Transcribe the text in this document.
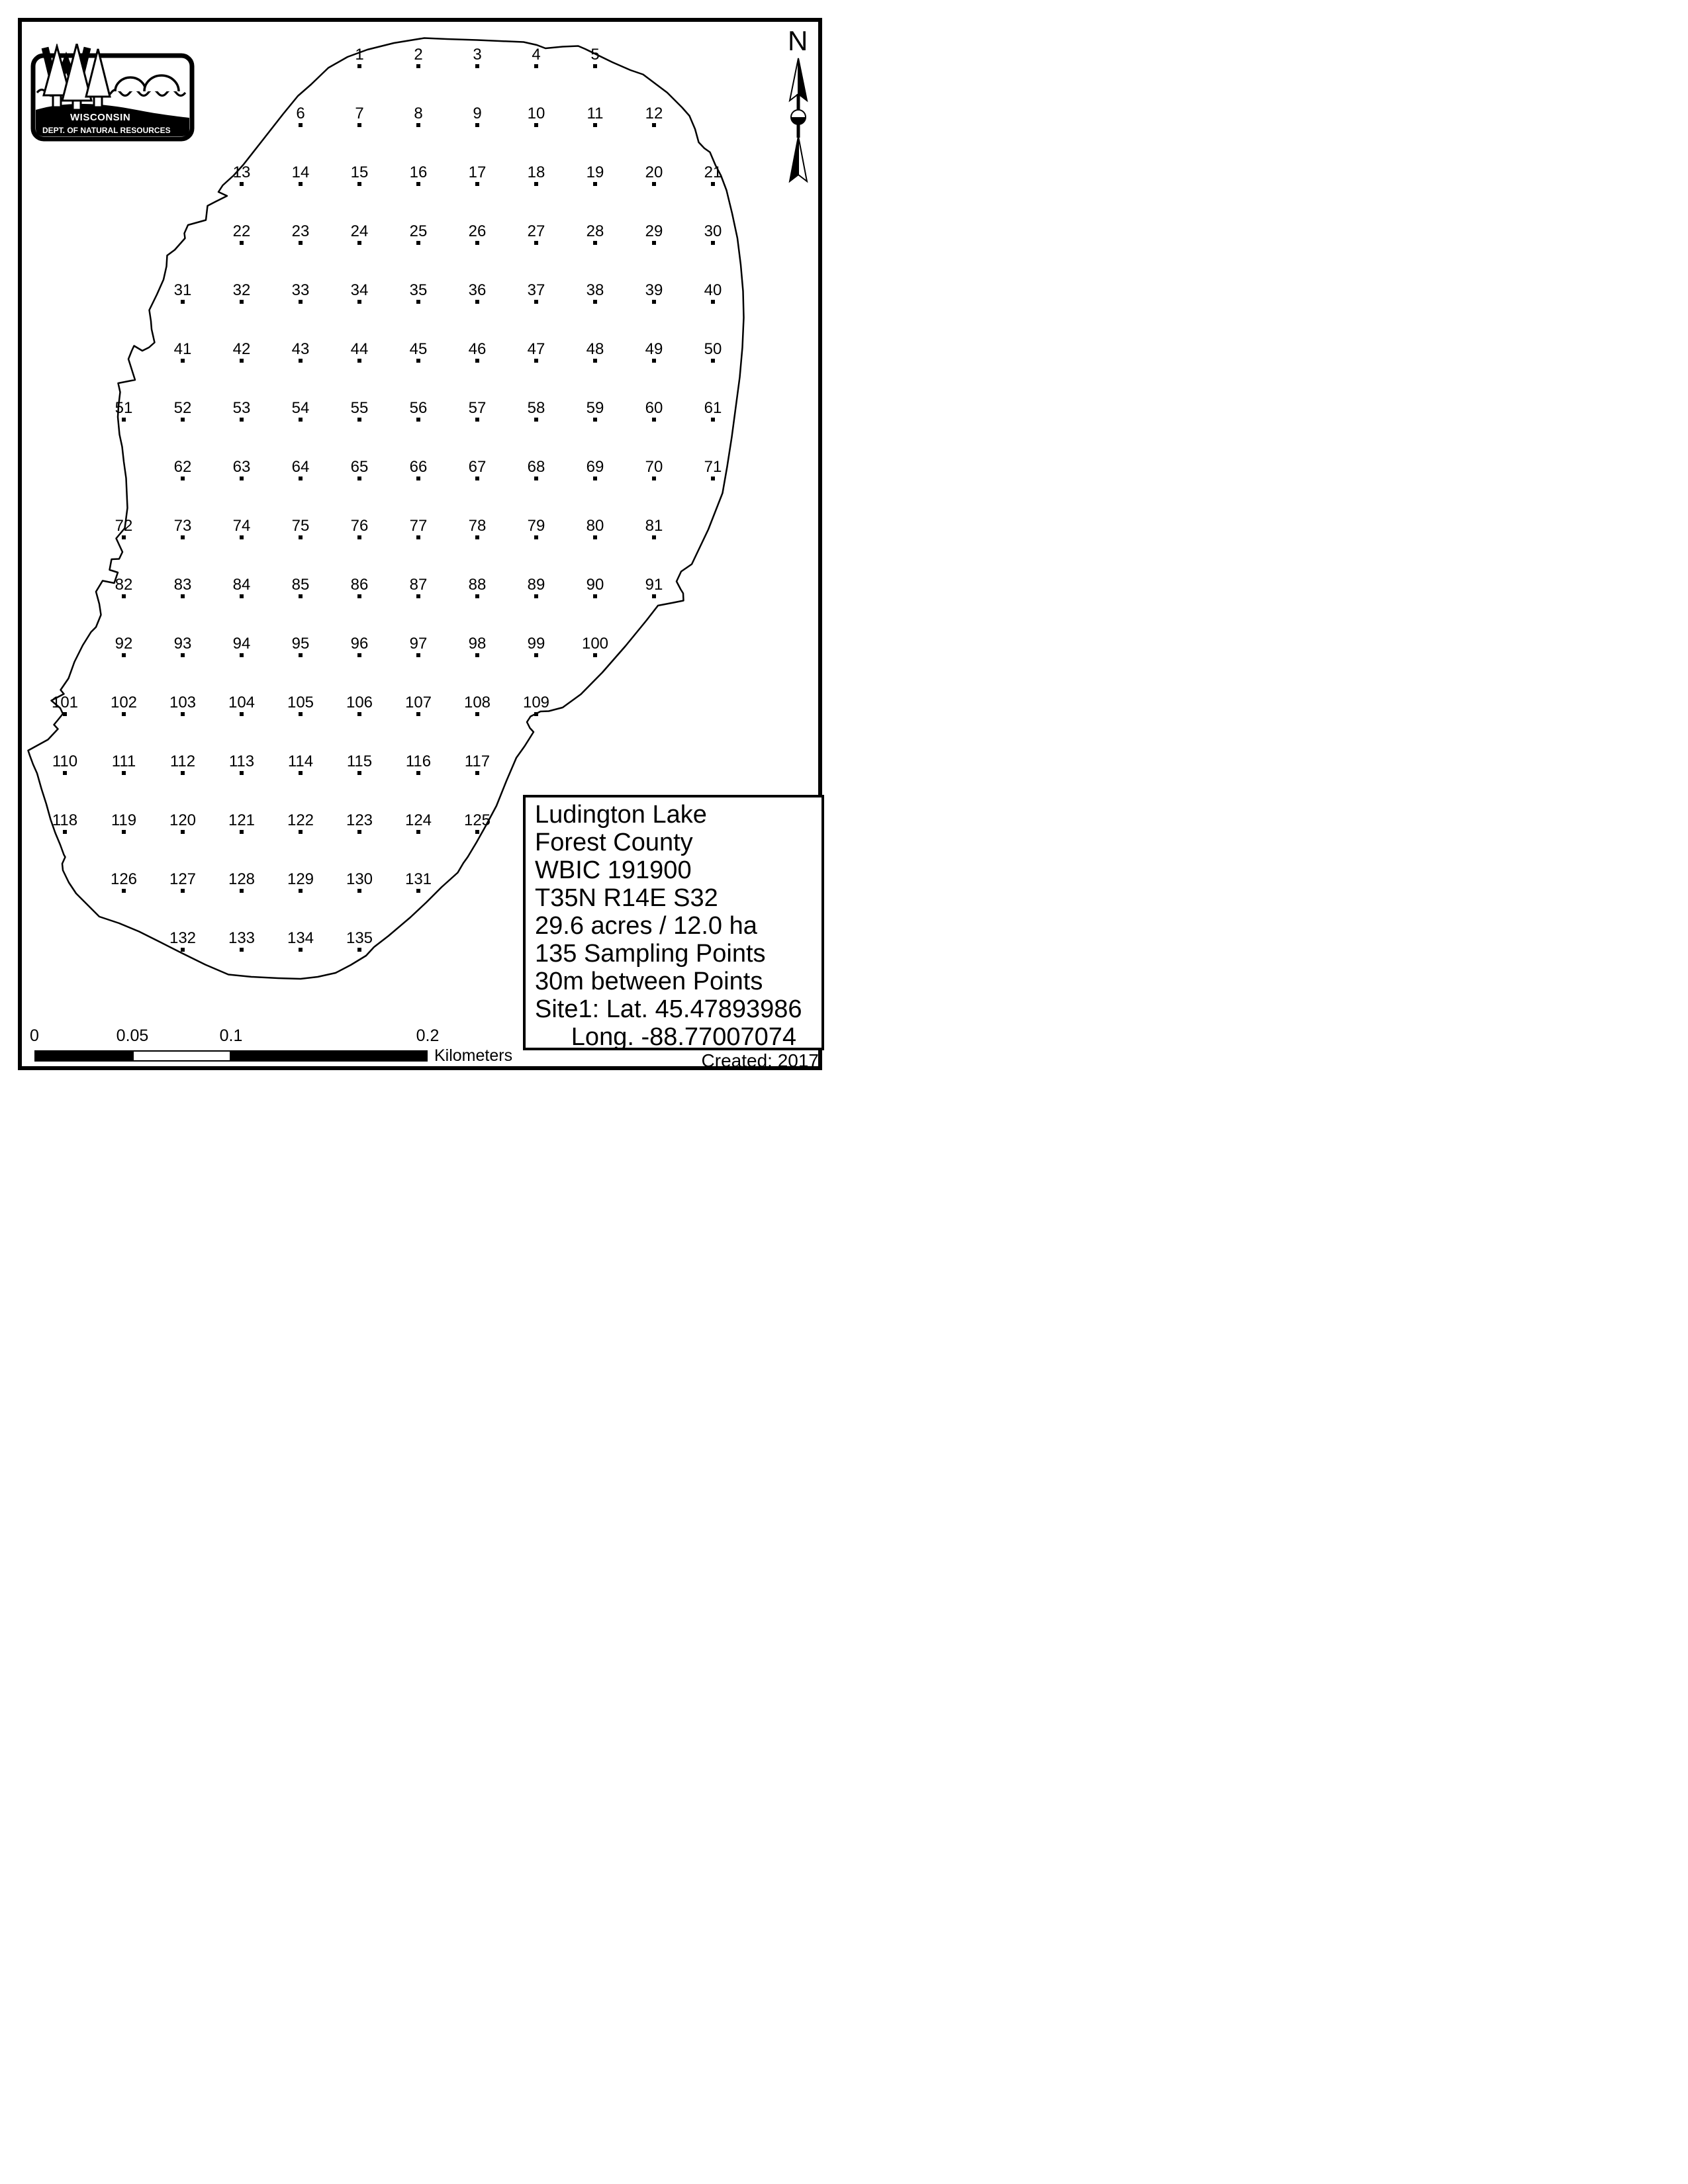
1	2	3	4	5
6	7	8	9	10	11	12
13	14	15	16	17	18	19	20	21
22	23	24	25	26	27	28	29	30
31	32	33	34	35	36	37	38	39	40
41	42	43	44	45	46	47	48	49	50
51	52	53	54	55	56	57	58	59	60	61
62	63	64	65	66	67	68	69	70	71
72	73	74	75	76	77	78	79	80	81
82	83	84	85	86	87	88	89	90	91
92	93	94	95	96	97	98	99 100
101 102 103 104 105 106 107 108 109
110 111 112 113 114 115 116 117
118 119 120 121 122 123 124 125
126 127 128 129 130 131
132 133 134 135
WISCONSIN
DEPT. OF NATURAL RESOURCES
N
Ludington Lake
Forest County
WBIC 191900
T35N R14E S32
29.6 acres / 12.0 ha
135 Sampling Points
30m between Points
Site1: Lat. 45.47893986
Long. -88.77007074
0	0.05	0.1	0.2
Kilometers	Created: 2017
